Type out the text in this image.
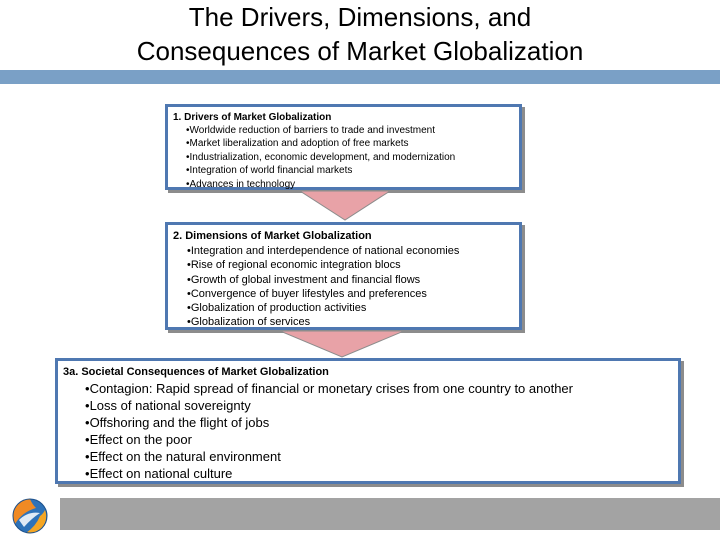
The Drivers, Dimensions, and
Consequences of Market Globalization
1. Drivers of Market Globalization
• Worldwide reduction of barriers to trade and investment
• Market liberalization and adoption of free markets
• Industrialization, economic development, and modernization
• Integration of world financial markets
• Advances in technology
2. Dimensions of Market Globalization
• Integration and interdependence of national economies
• Rise of regional economic integration blocs
• Growth of global investment and financial flows
• Convergence of buyer lifestyles and preferences
• Globalization of production activities
• Globalization of services
3a. Societal Consequences of Market Globalization
• Contagion: Rapid spread of financial or monetary crises from one country to another
• Loss of national sovereignty
• Offshoring and the flight of jobs
• Effect on the poor
• Effect on the natural environment
• Effect on national culture
